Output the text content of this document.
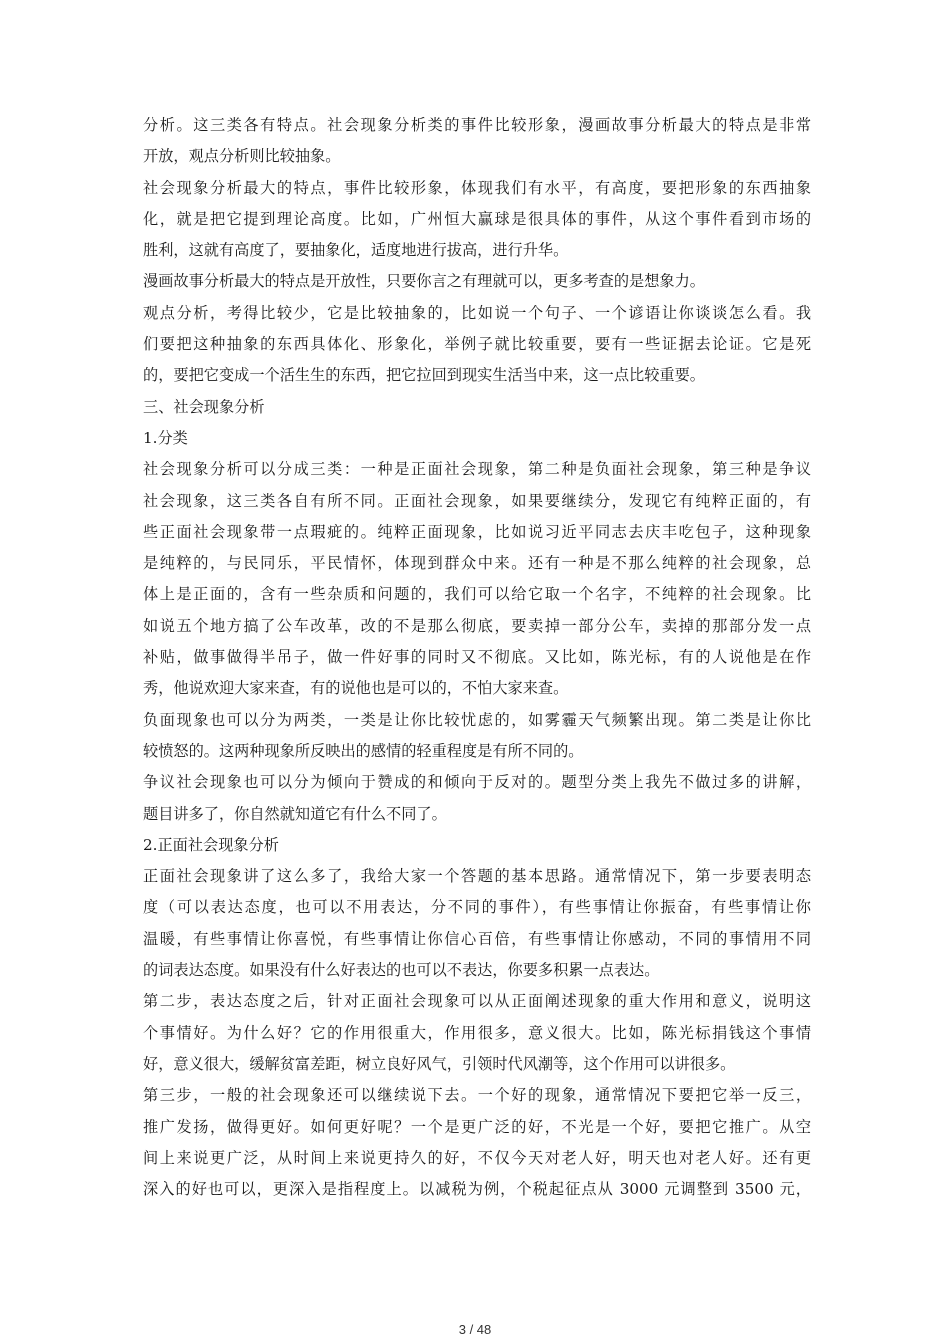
分析。这三类各有特点。社会现象分析类的事件比较形象，漫画故事分析最大的特点是非常
开放，观点分析则比较抽象。
社会现象分析最大的特点，事件比较形象，体现我们有水平，有高度，要把形象的东西抽象
化，就是把它提到理论高度。比如，广州恒大赢球是很具体的事件，从这个事件看到市场的
胜利，这就有高度了，要抽象化，适度地进行拔高，进行升华。
漫画故事分析最大的特点是开放性，只要你言之有理就可以，更多考查的是想象力。
观点分析，考得比较少，它是比较抽象的，比如说一个句子、一个谚语让你谈谈怎么看。我
们要把这种抽象的东西具体化、形象化，举例子就比较重要，要有一些证据去论证。它是死
的，要把它变成一个活生生的东西，把它拉回到现实生活当中来，这一点比较重要。
三、社会现象分析
1.分类
社会现象分析可以分成三类：一种是正面社会现象，第二种是负面社会现象，第三种是争议
社会现象，这三类各自有所不同。正面社会现象，如果要继续分，发现它有纯粹正面的，有
些正面社会现象带一点瑕疵的。纯粹正面现象，比如说习近平同志去庆丰吃包子，这种现象
是纯粹的，与民同乐，平民情怀，体现到群众中来。还有一种是不那么纯粹的社会现象，总
体上是正面的，含有一些杂质和问题的，我们可以给它取一个名字，不纯粹的社会现象。比
如说五个地方搞了公车改革，改的不是那么彻底，要卖掉一部分公车，卖掉的那部分发一点
补贴，做事做得半吊子，做一件好事的同时又不彻底。又比如，陈光标，有的人说他是在作
秀，他说欢迎大家来查，有的说他也是可以的，不怕大家来查。
负面现象也可以分为两类，一类是让你比较忧虑的，如雾霾天气频繁出现。第二类是让你比
较愤怒的。这两种现象所反映出的感情的轻重程度是有所不同的。
争议社会现象也可以分为倾向于赞成的和倾向于反对的。题型分类上我先不做过多的讲解，
题目讲多了，你自然就知道它有什么不同了。
2.正面社会现象分析
正面社会现象讲了这么多了，我给大家一个答题的基本思路。通常情况下，第一步要表明态
度（可以表达态度，也可以不用表达，分不同的事件），有些事情让你振奋，有些事情让你
温暖，有些事情让你喜悦，有些事情让你信心百倍，有些事情让你感动，不同的事情用不同
的词表达态度。如果没有什么好表达的也可以不表达，你要多积累一点表达。
第二步，表达态度之后，针对正面社会现象可以从正面阐述现象的重大作用和意义，说明这
个事情好。为什么好？它的作用很重大，作用很多，意义很大。比如，陈光标捐钱这个事情
好，意义很大，缓解贫富差距，树立良好风气，引领时代风潮等，这个作用可以讲很多。
第三步，一般的社会现象还可以继续说下去。一个好的现象，通常情况下要把它举一反三，
推广发扬，做得更好。如何更好呢？一个是更广泛的好，不光是一个好，要把它推广。从空
间上来说更广泛，从时间上来说更持久的好，不仅今天对老人好，明天也对老人好。还有更
深入的好也可以，更深入是指程度上。以减税为例，个税起征点从 3000 元调整到 3500 元，
3 / 48
